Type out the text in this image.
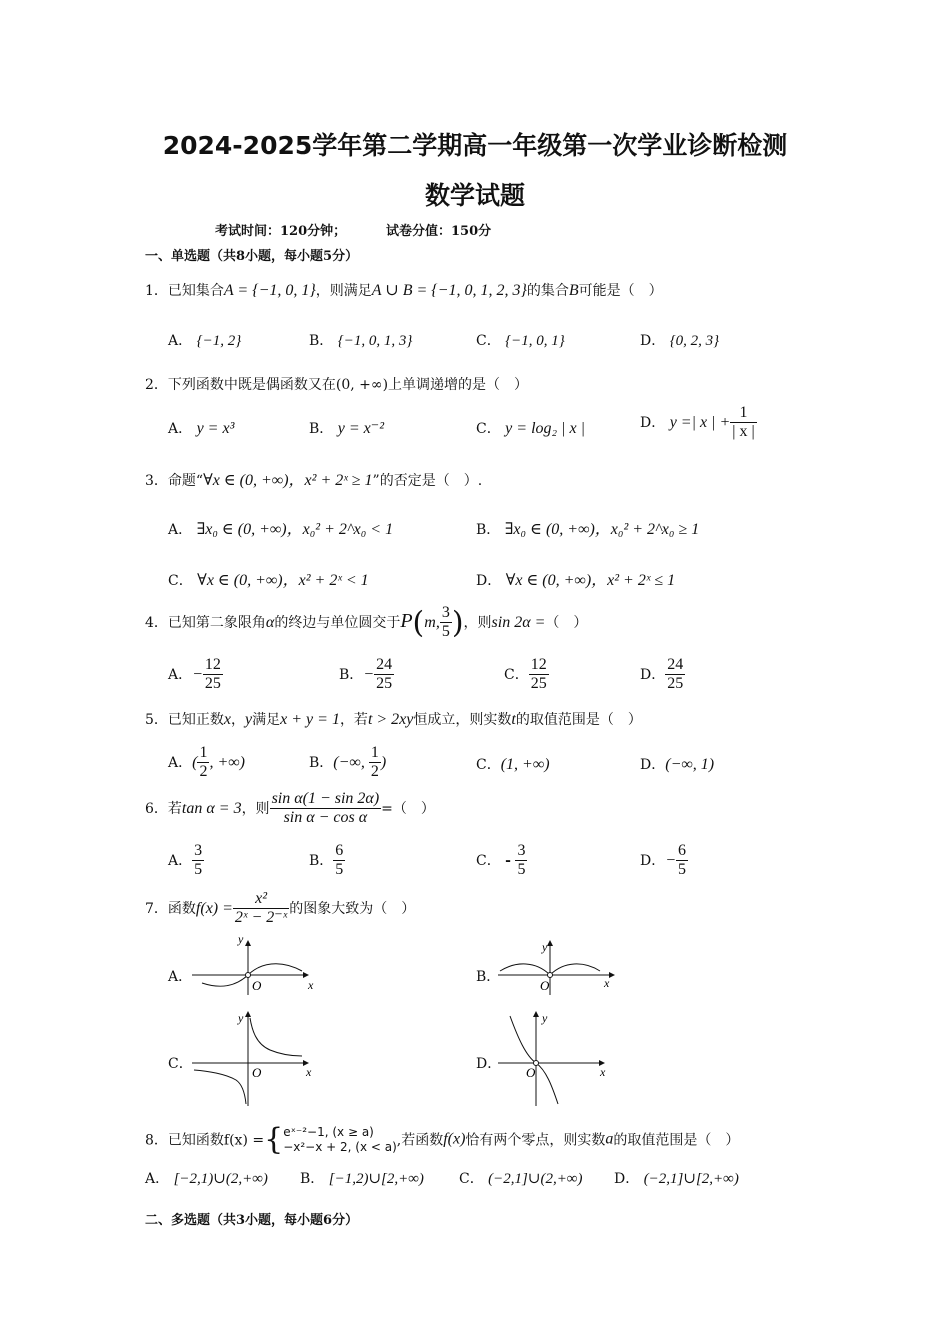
2024-2025学年第二学期高一年级第一次学业诊断检测
数学试题
考试时间：120分钟；	试卷分值：150分
一、单选题（共8小题，每小题5分）
1．已知集合A = {−1, 0, 1}，则满足A ∪ B = {−1, 0, 1, 2, 3}的集合B可能是（　）
A． {−1, 2}	B． {−1, 0, 1, 3}	C． {−1, 0, 1}	D． {0, 2, 3}
2．下列函数中既是偶函数又在(0, +∞)上单调递增的是（　）
A． y = x³	B． y = x⁻²	C． y = log₂ | x |	D． y =| x | + $\frac{1}{| x |}$
3．命题“∀x ∈ (0, +∞)，x² + 2ˣ ≥ 1”的否定是（　）.
A． ∃x₀ ∈ (0, +∞)，x₀² + 2^x₀ < 1	B． ∃x₀ ∈ (0, +∞)，x₀² + 2^x₀ ≥ 1
C． ∀x ∈ (0, +∞)，x² + 2ˣ < 1	D． ∀x ∈ (0, +∞)，x² + 2ˣ ≤ 1
4．已知第二象限角α的终边与单位圆交于P(m, $\frac{3}{5}$ )，则sin 2α =（　）
A．− $\frac{12}{25}$	B．− $\frac{24}{25}$	C． $\frac{12}{25}$	D． $\frac{24}{25}$
5．已知正数x，y满足x + y = 1，若t > 2xy恒成立，则实数t的取值范围是（　）
A．( $\frac{1}{2}$ , +∞)	B．(−∞, $\frac{1}{2}$ )	C．(1, +∞)	D．(−∞, 1)
6．若tan α = 3，则 $\frac{\text{sin α(1 − sin 2α)}}{\text{sin α − cos α}}$ =（　）
A． $\frac{3}{5}$	B． $\frac{6}{5}$	C． - $\frac{3}{5}$	D．− $\frac{6}{5}$
7．函数$f(x) = \frac{\text{x²}}{\text{2ˣ − 2⁻ˣ}}$ 的图象大致为（　）
A．
y
O	x	B．
y
O	x
C．
y
O	x	D．
y
O	x
8．已知函数f(x) ={ eˣ⁻²−1, (x ≥ a)
−x²−x + 2, (x < a) ,若函数f(x)恰有两个零点，则实数a的取值范围是（　）
A． [−2,1)∪(2,+∞) B． [−1,2)∪[2,+∞)	C． (−2,1]∪(2,+∞) D． (−2,1]∪[2,+∞)
二、多选题（共3小题，每小题6分）
